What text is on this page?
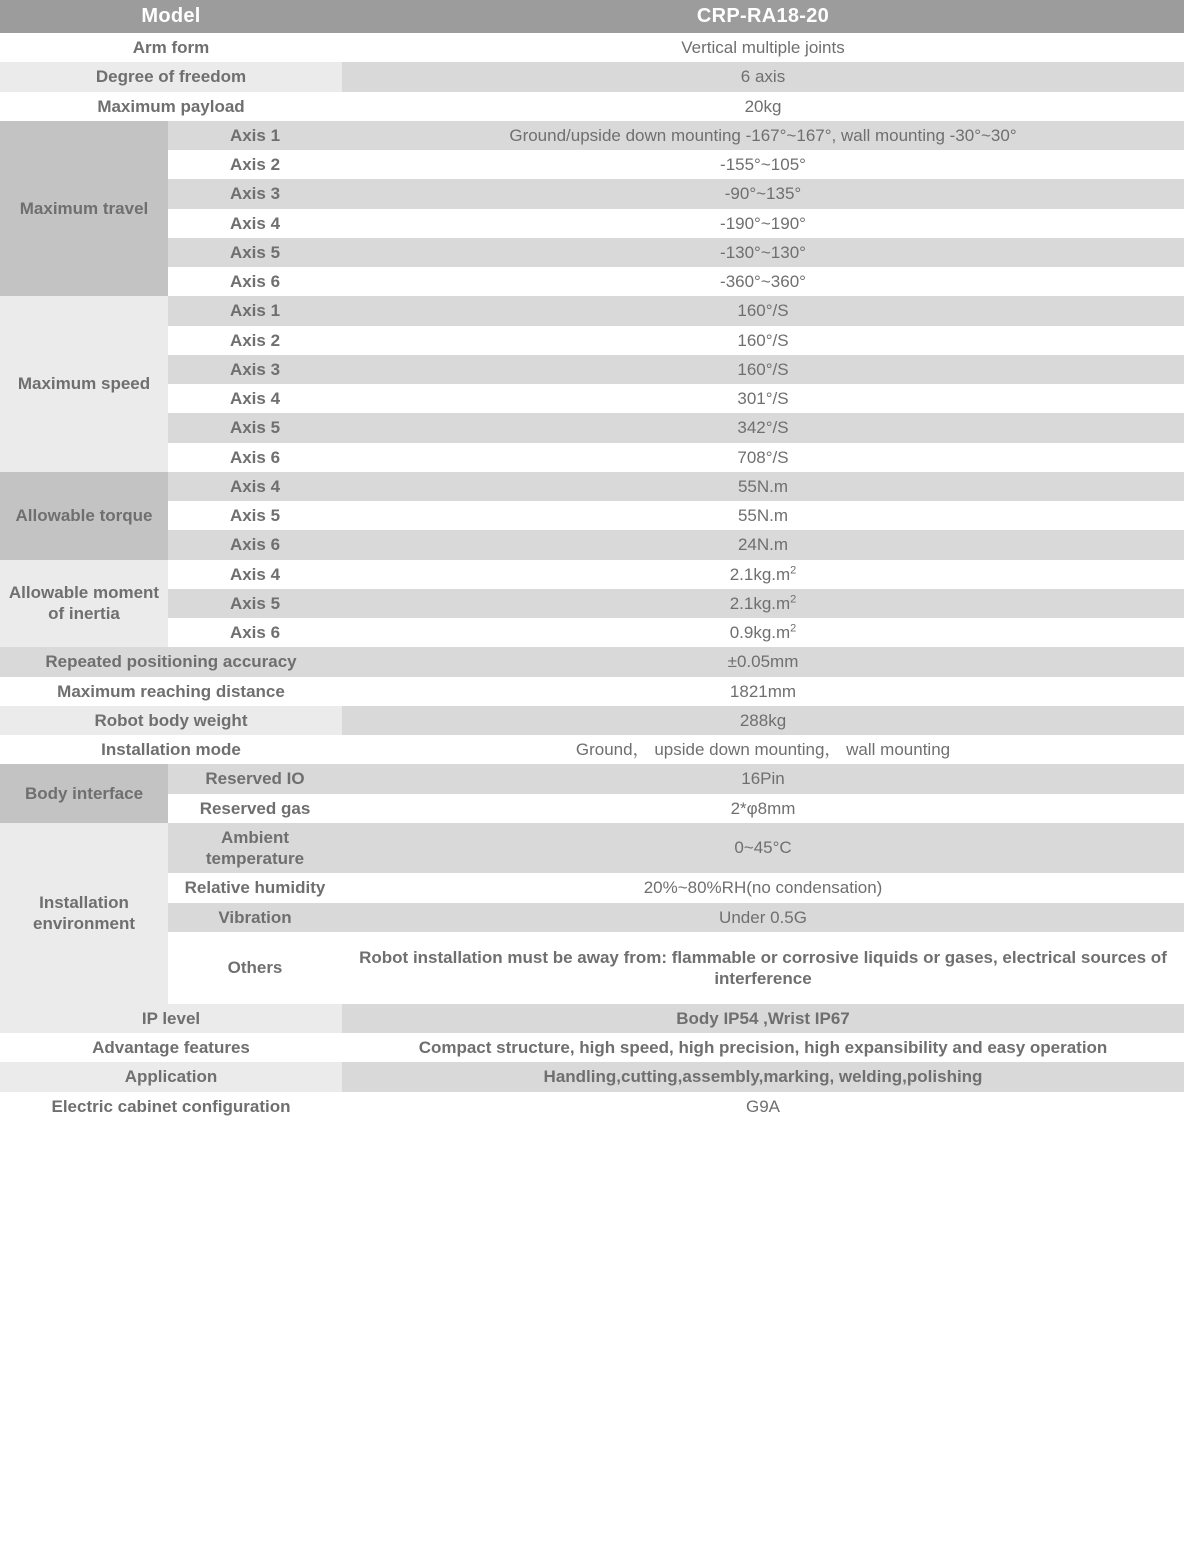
Model		CRP-RA18-20
Arm form		Vertical multiple joints
Degree of freedom		6 axis
Maximum payload		20kg
Maximum travel	Axis 1	Ground/upside down mounting -167°~167°, wall mounting -30°~30°
	Axis 2	-155°~105°
	Axis 3	-90°~135°
	Axis 4	-190°~190°
	Axis 5	-130°~130°
	Axis 6	-360°~360°
Maximum speed	Axis 1	160°/S
	Axis 2	160°/S
	Axis 3	160°/S
	Axis 4	301°/S
	Axis 5	342°/S
	Axis 6	708°/S
Allowable torque	Axis 4	55N.m
	Axis 5	55N.m
	Axis 6	24N.m
Allowable moment of inertia	Axis 4	$2.1kg.m^2$
	Axis 5	$2.1kg.m^2$
	Axis 6	$0.9kg.m^2$
Repeated positioning accuracy		±0.05mm
Maximum reaching distance		1821mm
Robot body weight		288kg
Installation mode		Ground， upside down mounting， wall mounting
Body interface	Reserved IO	16Pin
	Reserved gas	2*φ8mm
Installation environment	Ambient temperature	0~45°C
	Relative humidity	20%~80%RH(no condensation)
	Vibration	Under 0.5G
	Others	Robot installation must be away from: flammable or corrosive liquids or gases, electrical sources of interference
IP level		Body IP54 ,Wrist IP67
Advantage features		Compact structure, high speed, high precision, high expansibility and easy operation
Application		Handling,cutting,assembly,marking, welding,polishing
Electric cabinet configuration		G9A
